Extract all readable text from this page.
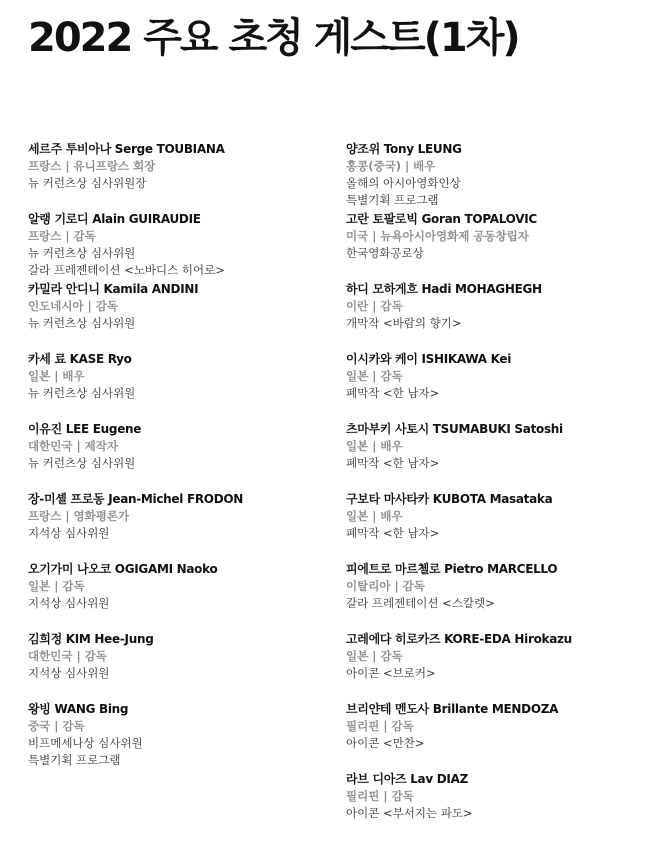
2022 주요 초청 게스트(1차)
세르주 투비아나 Serge TOUBIANA
프랑스 | 유니프랑스 회장
뉴 커런츠상 심사위원장
알랭 기로디 Alain GUIRAUDIE
프랑스 | 감독
뉴 커런츠상 심사위원
갈라 프레젠테이션 <노바디스 히어로>
카밀라 안디니 Kamila ANDINI
인도네시아 | 감독
뉴 커런츠상 심사위원
카세 료 KASE Ryo
일본 | 배우
뉴 커런츠상 심사위원
이유진 LEE Eugene
대한민국 | 제작자
뉴 커런츠상 심사위원
장-미셸 프로동 Jean-Michel FRODON
프랑스 | 영화평론가
지석상 심사위원
오기가미 나오코 OGIGAMI Naoko
일본 | 감독
지석상 심사위원
김희정 KIM Hee-Jung
대한민국 | 감독
지석상 심사위원
왕빙 WANG Bing
중국 | 감독
비프메세나상 심사위원
특별기획 프로그램
양조위 Tony LEUNG
홍콩(중국) | 배우
올해의 아시아영화인상
특별기획 프로그램
고란 토팔로빅 Goran TOPALOVIC
미국 | 뉴욕아시아영화제 공동창립자
한국영화공로상
하디 모하게흐 Hadi MOHAGHEGH
이란 | 감독
개막작 <바람의 향기>
이시카와 케이 ISHIKAWA Kei
일본 | 감독
폐막작 <한 남자>
츠마부키 사토시 TSUMABUKI Satoshi
일본 | 배우
폐막작 <한 남자>
구보타 마사타카 KUBOTA Masataka
일본 | 배우
폐막작 <한 남자>
피에트로 마르첼로 Pietro MARCELLO
이탈리아 | 감독
갈라 프레젠테이션 <스칼렛>
고레에다 히로카즈 KORE-EDA Hirokazu
일본 | 감독
아이콘 <브로커>
브리얀테 멘도사 Brillante MENDOZA
필리핀 | 감독
아이콘 <만찬>
라브 디아즈 Lav DIAZ
필리핀 | 감독
아이콘 <부서지는 파도>
